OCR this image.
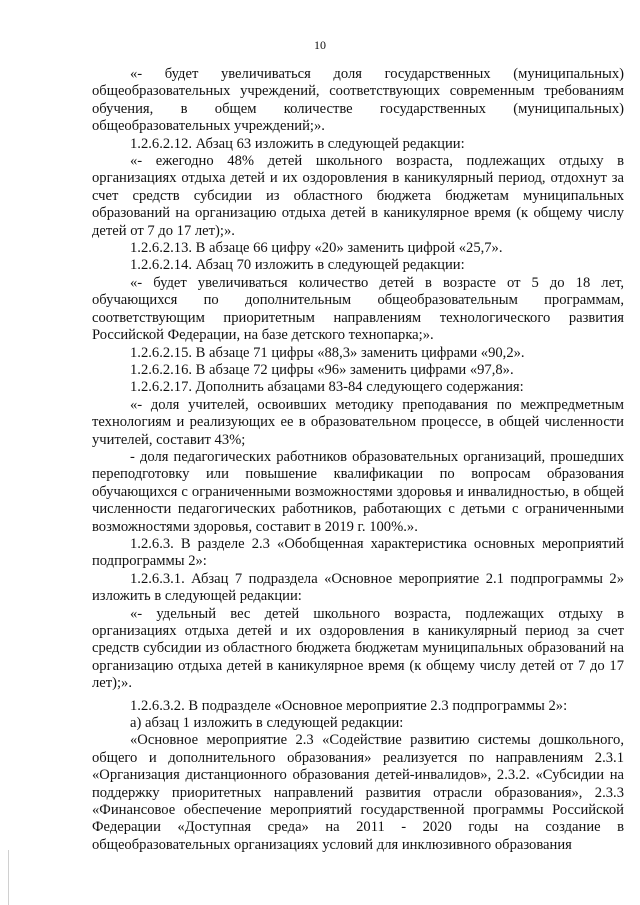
10

«- будет увеличиваться доля государственных (муниципальных) общеобразовательных учреждений, соответствующих современным требованиям обучения, в общем количестве государственных (муниципальных) общеобразовательных учреждений;».

1.2.6.2.12. Абзац 63 изложить в следующей редакции:

«- ежегодно 48% детей школьного возраста, подлежащих отдыху в организациях отдыха детей и их оздоровления в каникулярный период, отдохнут за счет средств субсидии из областного бюджета бюджетам муниципальных образований на организацию отдыха детей в каникулярное время (к общему числу детей от 7 до 17 лет);».

1.2.6.2.13. В абзаце 66 цифру «20» заменить цифрой «25,7».

1.2.6.2.14. Абзац 70 изложить в следующей редакции:

«- будет увеличиваться количество детей в возрасте от 5 до 18 лет, обучающихся по дополнительным общеобразовательным программам, соответствующим приоритетным направлениям технологического развития Российской Федерации, на базе детского технопарка;».

1.2.6.2.15. В абзаце 71 цифры «88,3» заменить цифрами «90,2».

1.2.6.2.16. В абзаце 72 цифры «96» заменить цифрами «97,8».

1.2.6.2.17. Дополнить абзацами 83-84 следующего содержания:

«- доля учителей, освоивших методику преподавания по межпредметным технологиям и реализующих ее в образовательном процессе, в общей численности учителей, составит 43%;

- доля педагогических работников образовательных организаций, прошедших переподготовку или повышение квалификации по вопросам образования обучающихся с ограниченными возможностями здоровья и инвалидностью, в общей численности педагогических работников, работающих с детьми с ограниченными возможностями здоровья, составит в 2019 г. 100%.».

1.2.6.3. В разделе 2.3 «Обобщенная характеристика основных мероприятий подпрограммы 2»:

1.2.6.3.1. Абзац 7 подраздела «Основное мероприятие 2.1 подпрограммы 2» изложить в следующей редакции:

«- удельный вес детей школьного возраста, подлежащих отдыху в организациях отдыха детей и их оздоровления в каникулярный период за счет средств субсидии из областного бюджета бюджетам муниципальных образований на организацию отдыха детей в каникулярное время (к общему числу детей от 7 до 17 лет);».

1.2.6.3.2. В подразделе «Основное мероприятие 2.3 подпрограммы 2»:

а) абзац 1 изложить в следующей редакции:

«Основное мероприятие 2.3 «Содействие развитию системы дошкольного, общего и дополнительного образования» реализуется по направлениям 2.3.1 «Организация дистанционного образования детей-инвалидов», 2.3.2. «Субсидии на поддержку приоритетных направлений развития отрасли образования», 2.3.3 «Финансовое обеспечение мероприятий государственной программы Российской Федерации «Доступная среда» на 2011 - 2020 годы на создание в общеобразовательных организациях условий для инклюзивного образования
